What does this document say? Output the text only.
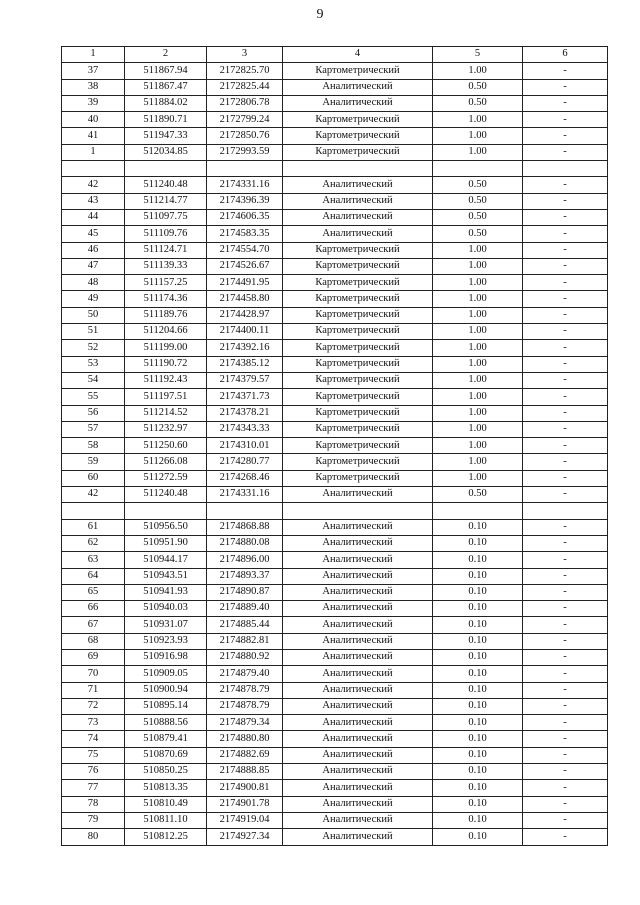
9
1	2	3	4	5	6
37	511867.94	2172825.70	Картометрический	1.00	-
38	511867.47	2172825.44	Аналитический	0.50	-
39	511884.02	2172806.78	Аналитический	0.50	-
40	511890.71	2172799.24	Картометрический	1.00	-
41	511947.33	2172850.76	Картометрический	1.00	-
1	512034.85	2172993.59	Картометрический	1.00	-

42	511240.48	2174331.16	Аналитический	0.50	-
43	511214.77	2174396.39	Аналитический	0.50	-
44	511097.75	2174606.35	Аналитический	0.50	-
45	511109.76	2174583.35	Аналитический	0.50	-
46	511124.71	2174554.70	Картометрический	1.00	-
47	511139.33	2174526.67	Картометрический	1.00	-
48	511157.25	2174491.95	Картометрический	1.00	-
49	511174.36	2174458.80	Картометрический	1.00	-
50	511189.76	2174428.97	Картометрический	1.00	-
51	511204.66	2174400.11	Картометрический	1.00	-
52	511199.00	2174392.16	Картометрический	1.00	-
53	511190.72	2174385.12	Картометрический	1.00	-
54	511192.43	2174379.57	Картометрический	1.00	-
55	511197.51	2174371.73	Картометрический	1.00	-
56	511214.52	2174378.21	Картометрический	1.00	-
57	511232.97	2174343.33	Картометрический	1.00	-
58	511250.60	2174310.01	Картометрический	1.00	-
59	511266.08	2174280.77	Картометрический	1.00	-
60	511272.59	2174268.46	Картометрический	1.00	-
42	511240.48	2174331.16	Аналитический	0.50	-

61	510956.50	2174868.88	Аналитический	0.10	-
62	510951.90	2174880.08	Аналитический	0.10	-
63	510944.17	2174896.00	Аналитический	0.10	-
64	510943.51	2174893.37	Аналитический	0.10	-
65	510941.93	2174890.87	Аналитический	0.10	-
66	510940.03	2174889.40	Аналитический	0.10	-
67	510931.07	2174885.44	Аналитический	0.10	-
68	510923.93	2174882.81	Аналитический	0.10	-
69	510916.98	2174880.92	Аналитический	0.10	-
70	510909.05	2174879.40	Аналитический	0.10	-
71	510900.94	2174878.79	Аналитический	0.10	-
72	510895.14	2174878.79	Аналитический	0.10	-
73	510888.56	2174879.34	Аналитический	0.10	-
74	510879.41	2174880.80	Аналитический	0.10	-
75	510870.69	2174882.69	Аналитический	0.10	-
76	510850.25	2174888.85	Аналитический	0.10	-
77	510813.35	2174900.81	Аналитический	0.10	-
78	510810.49	2174901.78	Аналитический	0.10	-
79	510811.10	2174919.04	Аналитический	0.10	-
80	510812.25	2174927.34	Аналитический	0.10	-
